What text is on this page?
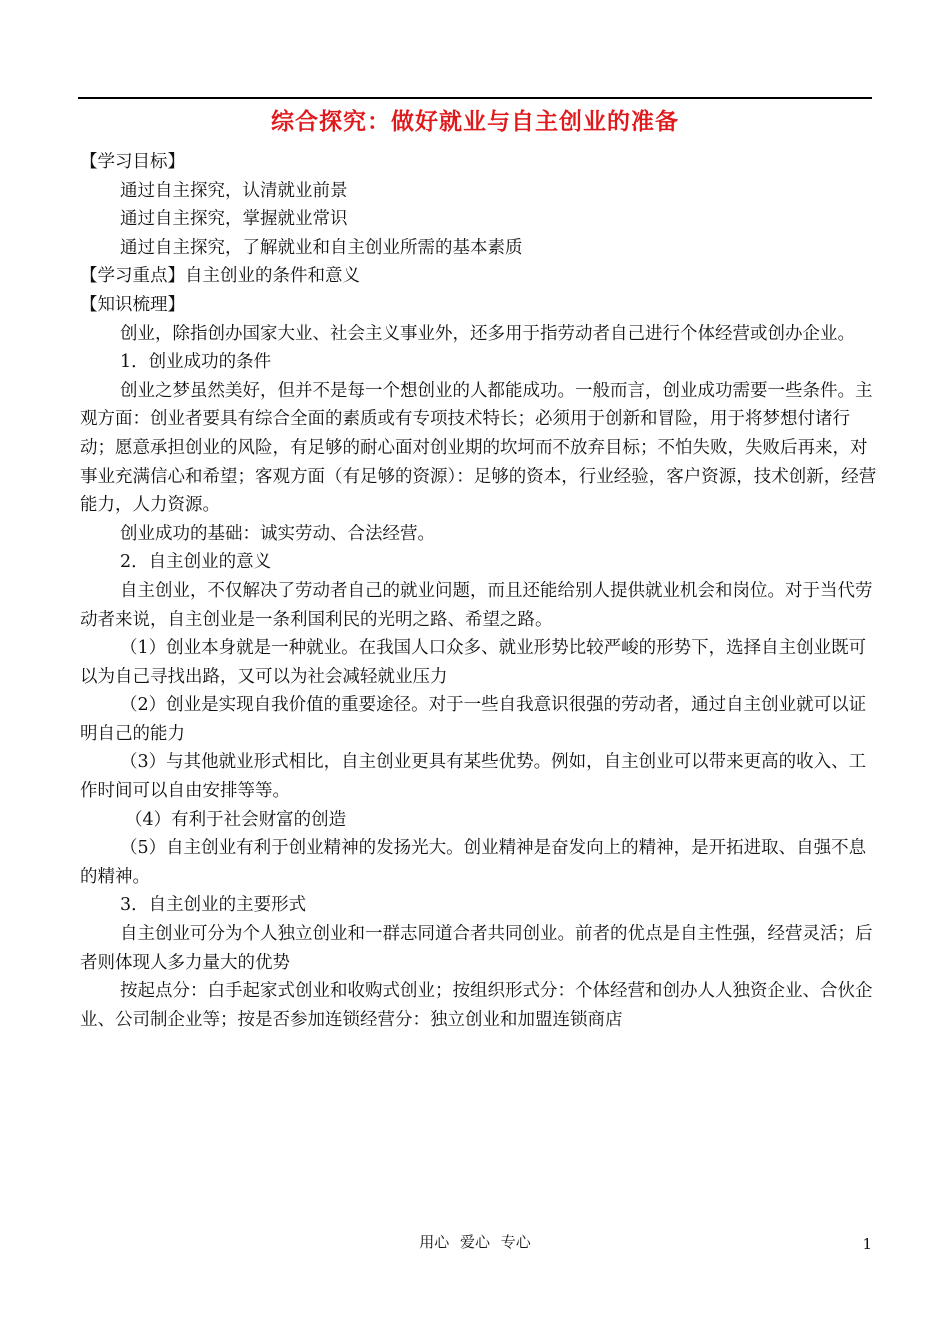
综合探究：做好就业与自主创业的准备

【学习目标】

通过自主探究，认清就业前景

通过自主探究，掌握就业常识

通过自主探究，了解就业和自主创业所需的基本素质

【学习重点】自主创业的条件和意义

【知识梳理】

创业，除指创办国家大业、社会主义事业外，还多用于指劳动者自己进行个体经营或创办企业。

1．创业成功的条件

创业之梦虽然美好，但并不是每一个想创业的人都能成功。一般而言，创业成功需要一些条件。主观方面：创业者要具有综合全面的素质或有专项技术特长；必须用于创新和冒险，用于将梦想付诸行动；愿意承担创业的风险，有足够的耐心面对创业期的坎坷而不放弃目标；不怕失败，失败后再来，对事业充满信心和希望；客观方面（有足够的资源）：足够的资本，行业经验，客户资源，技术创新，经营能力，人力资源。

创业成功的基础：诚实劳动、合法经营。

2．自主创业的意义

自主创业，不仅解决了劳动者自己的就业问题，而且还能给别人提供就业机会和岗位。对于当代劳动者来说，自主创业是一条利国利民的光明之路、希望之路。

（1）创业本身就是一种就业。在我国人口众多、就业形势比较严峻的形势下，选择自主创业既可以为自己寻找出路，又可以为社会减轻就业压力

（2）创业是实现自我价值的重要途径。对于一些自我意识很强的劳动者，通过自主创业就可以证明自己的能力

（3）与其他就业形式相比，自主创业更具有某些优势。例如，自主创业可以带来更高的收入、工作时间可以自由安排等等。

（4）有利于社会财富的创造

（5）自主创业有利于创业精神的发扬光大。创业精神是奋发向上的精神，是开拓进取、自强不息的精神。

3．自主创业的主要形式

自主创业可分为个人独立创业和一群志同道合者共同创业。前者的优点是自主性强，经营灵活；后者则体现人多力量大的优势

按起点分：白手起家式创业和收购式创业；按组织形式分：个体经营和创办人人独资企业、合伙企业、公司制企业等；按是否参加连锁经营分：独立创业和加盟连锁商店

用心 爱心 专心	1
